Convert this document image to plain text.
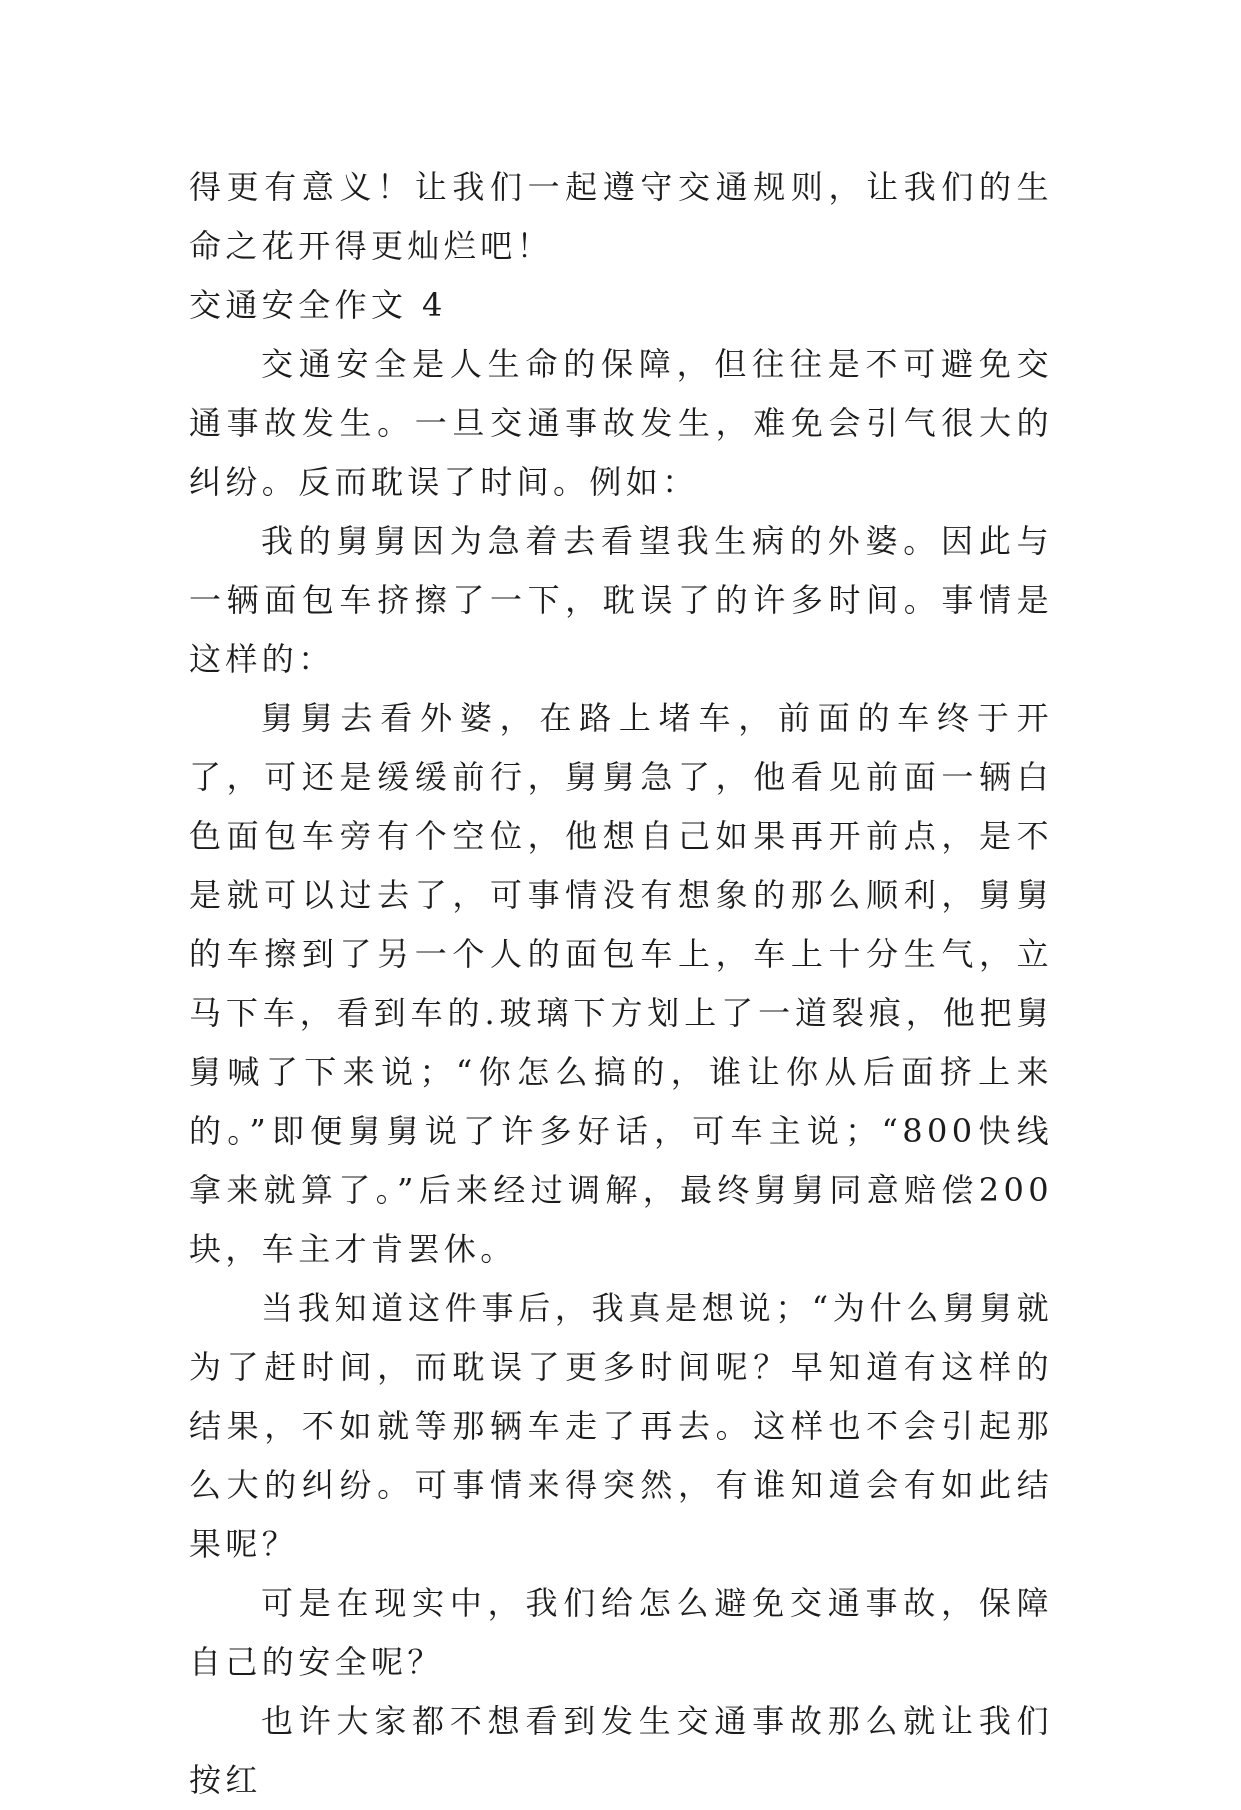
得更有意义！让我们一起遵守交通规则，让我们的生命之花开得更灿烂吧！

交通安全作文 4

交通安全是人生命的保障，但往往是不可避免交通事故发生。一旦交通事故发生，难免会引气很大的纠纷。反而耽误了时间。例如：

我的舅舅因为急着去看望我生病的外婆。因此与一辆面包车挤擦了一下，耽误了的许多时间。事情是这样的：

舅舅去看外婆，在路上堵车，前面的车终于开了，可还是缓缓前行，舅舅急了，他看见前面一辆白色面包车旁有个空位，他想自己如果再开前点，是不是就可以过去了，可事情没有想象的那么顺利，舅舅的车擦到了另一个人的面包车上，车上十分生气，立马下车，看到车的.玻璃下方划上了一道裂痕，他把舅舅喊了下来说；“你怎么搞的，谁让你从后面挤上来的。”即便舅舅说了许多好话，可车主说；“800快线拿来就算了。”后来经过调解，最终舅舅同意赔偿200块，车主才肯罢休。

当我知道这件事后，我真是想说；“为什么舅舅就为了赶时间，而耽误了更多时间呢？早知道有这样的结果，不如就等那辆车走了再去。这样也不会引起那么大的纠纷。可事情来得突然，有谁知道会有如此结果呢？

可是在现实中，我们给怎么避免交通事故，保障自己的安全呢？

也许大家都不想看到发生交通事故那么就让我们按红
